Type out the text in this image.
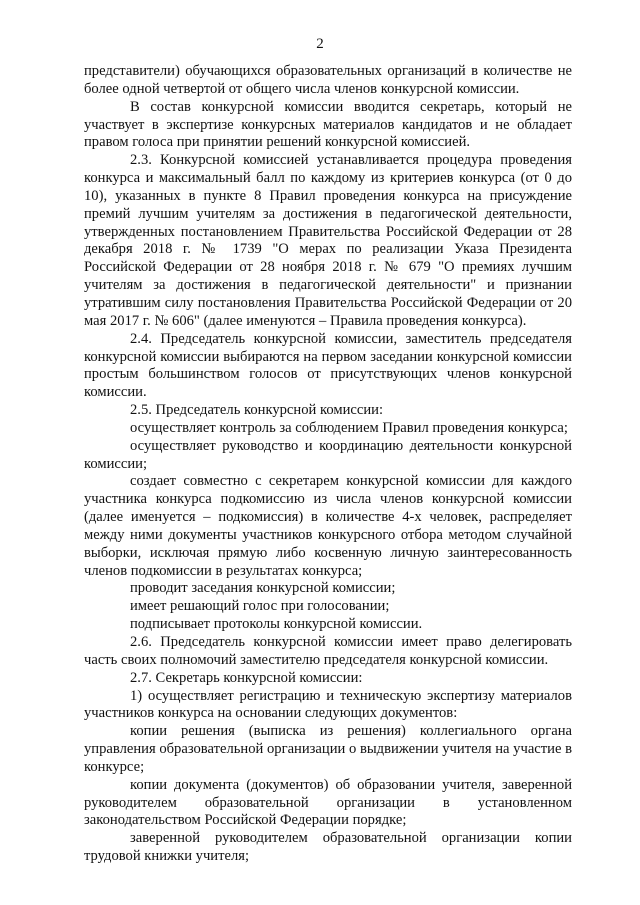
2

представители) обучающихся образовательных организаций в количестве не более одной четвертой от общего числа членов конкурсной комиссии.

В состав конкурсной комиссии вводится секретарь, который не участвует в экспертизе конкурсных материалов кандидатов и не обладает правом голоса при принятии решений конкурсной комиссией.

2.3. Конкурсной комиссией устанавливается процедура проведения конкурса и максимальный балл по каждому из критериев конкурса (от 0 до 10), указанных в пункте 8 Правил проведения конкурса на присуждение премий лучшим учителям за достижения в педагогической деятельности, утвержденных постановлением Правительства Российской Федерации от 28 декабря 2018 г. № 1739 "О мерах по реализации Указа Президента Российской Федерации от 28 ноября 2018 г. № 679 "О премиях лучшим учителям за достижения в педагогической деятельности" и признании утратившим силу постановления Правительства Российской Федерации от 20 мая 2017 г. № 606" (далее именуются – Правила проведения конкурса).

2.4. Председатель конкурсной комиссии, заместитель председателя конкурсной комиссии выбираются на первом заседании конкурсной комиссии простым большинством голосов от присутствующих членов конкурсной комиссии.

2.5. Председатель конкурсной комиссии:

осуществляет контроль за соблюдением Правил проведения конкурса;

осуществляет руководство и координацию деятельности конкурсной комиссии;

создает совместно с секретарем конкурсной комиссии для каждого участника конкурса подкомиссию из числа членов конкурсной комиссии (далее именуется – подкомиссия) в количестве 4-х человек, распределяет между ними документы участников конкурсного отбора методом случайной выборки, исключая прямую либо косвенную личную заинтересованность членов подкомиссии в результатах конкурса;

проводит заседания конкурсной комиссии;

имеет решающий голос при голосовании;

подписывает протоколы конкурсной комиссии.

2.6. Председатель конкурсной комиссии имеет право делегировать часть своих полномочий заместителю председателя конкурсной комиссии.

2.7. Секретарь конкурсной комиссии:

1) осуществляет регистрацию и техническую экспертизу материалов участников конкурса на основании следующих документов:

копии решения (выписка из решения) коллегиального органа управления образовательной организации о выдвижении учителя на участие в конкурсе;

копии документа (документов) об образовании учителя, заверенной руководителем образовательной организации в установленном законодательством Российской Федерации порядке;

заверенной руководителем образовательной организации копии трудовой книжки учителя;
